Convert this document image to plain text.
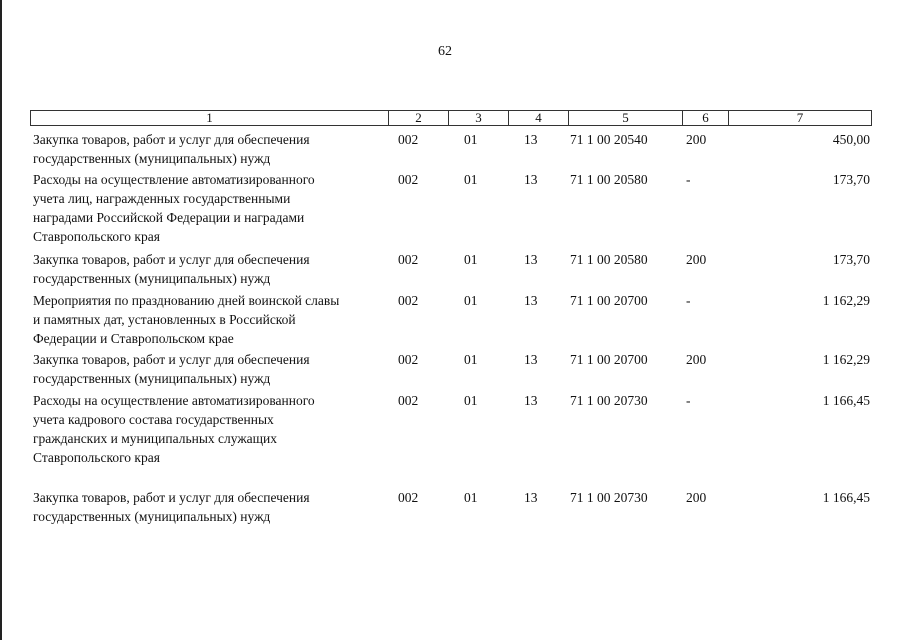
62
1	2	3	4	5	6	7
Закупка товаров, работ и услуг для обеспечения
государственных (муниципальных) нужд
002	01	13	71 1 00 20540	200	450,00
Расходы на осуществление автоматизированного
учета лиц, награжденных государственными
наградами Российской Федерации и наградами
Ставропольского края
002	01	13	71 1 00 20580	-	173,70
Закупка товаров, работ и услуг для обеспечения
государственных (муниципальных) нужд
002	01	13	71 1 00 20580	200	173,70
Мероприятия по празднованию дней воинской славы
и памятных дат, установленных в Российской
Федерации и Ставропольском крае
002	01	13	71 1 00 20700	-	1 162,29
Закупка товаров, работ и услуг для обеспечения
государственных (муниципальных) нужд
002	01	13	71 1 00 20700	200	1 162,29
Расходы на осуществление автоматизированного
учета кадрового состава государственных
гражданских и муниципальных служащих
Ставропольского края
002	01	13	71 1 00 20730	-	1 166,45
Закупка товаров, работ и услуг для обеспечения
государственных (муниципальных) нужд
002	01	13	71 1 00 20730	200	1 166,45
